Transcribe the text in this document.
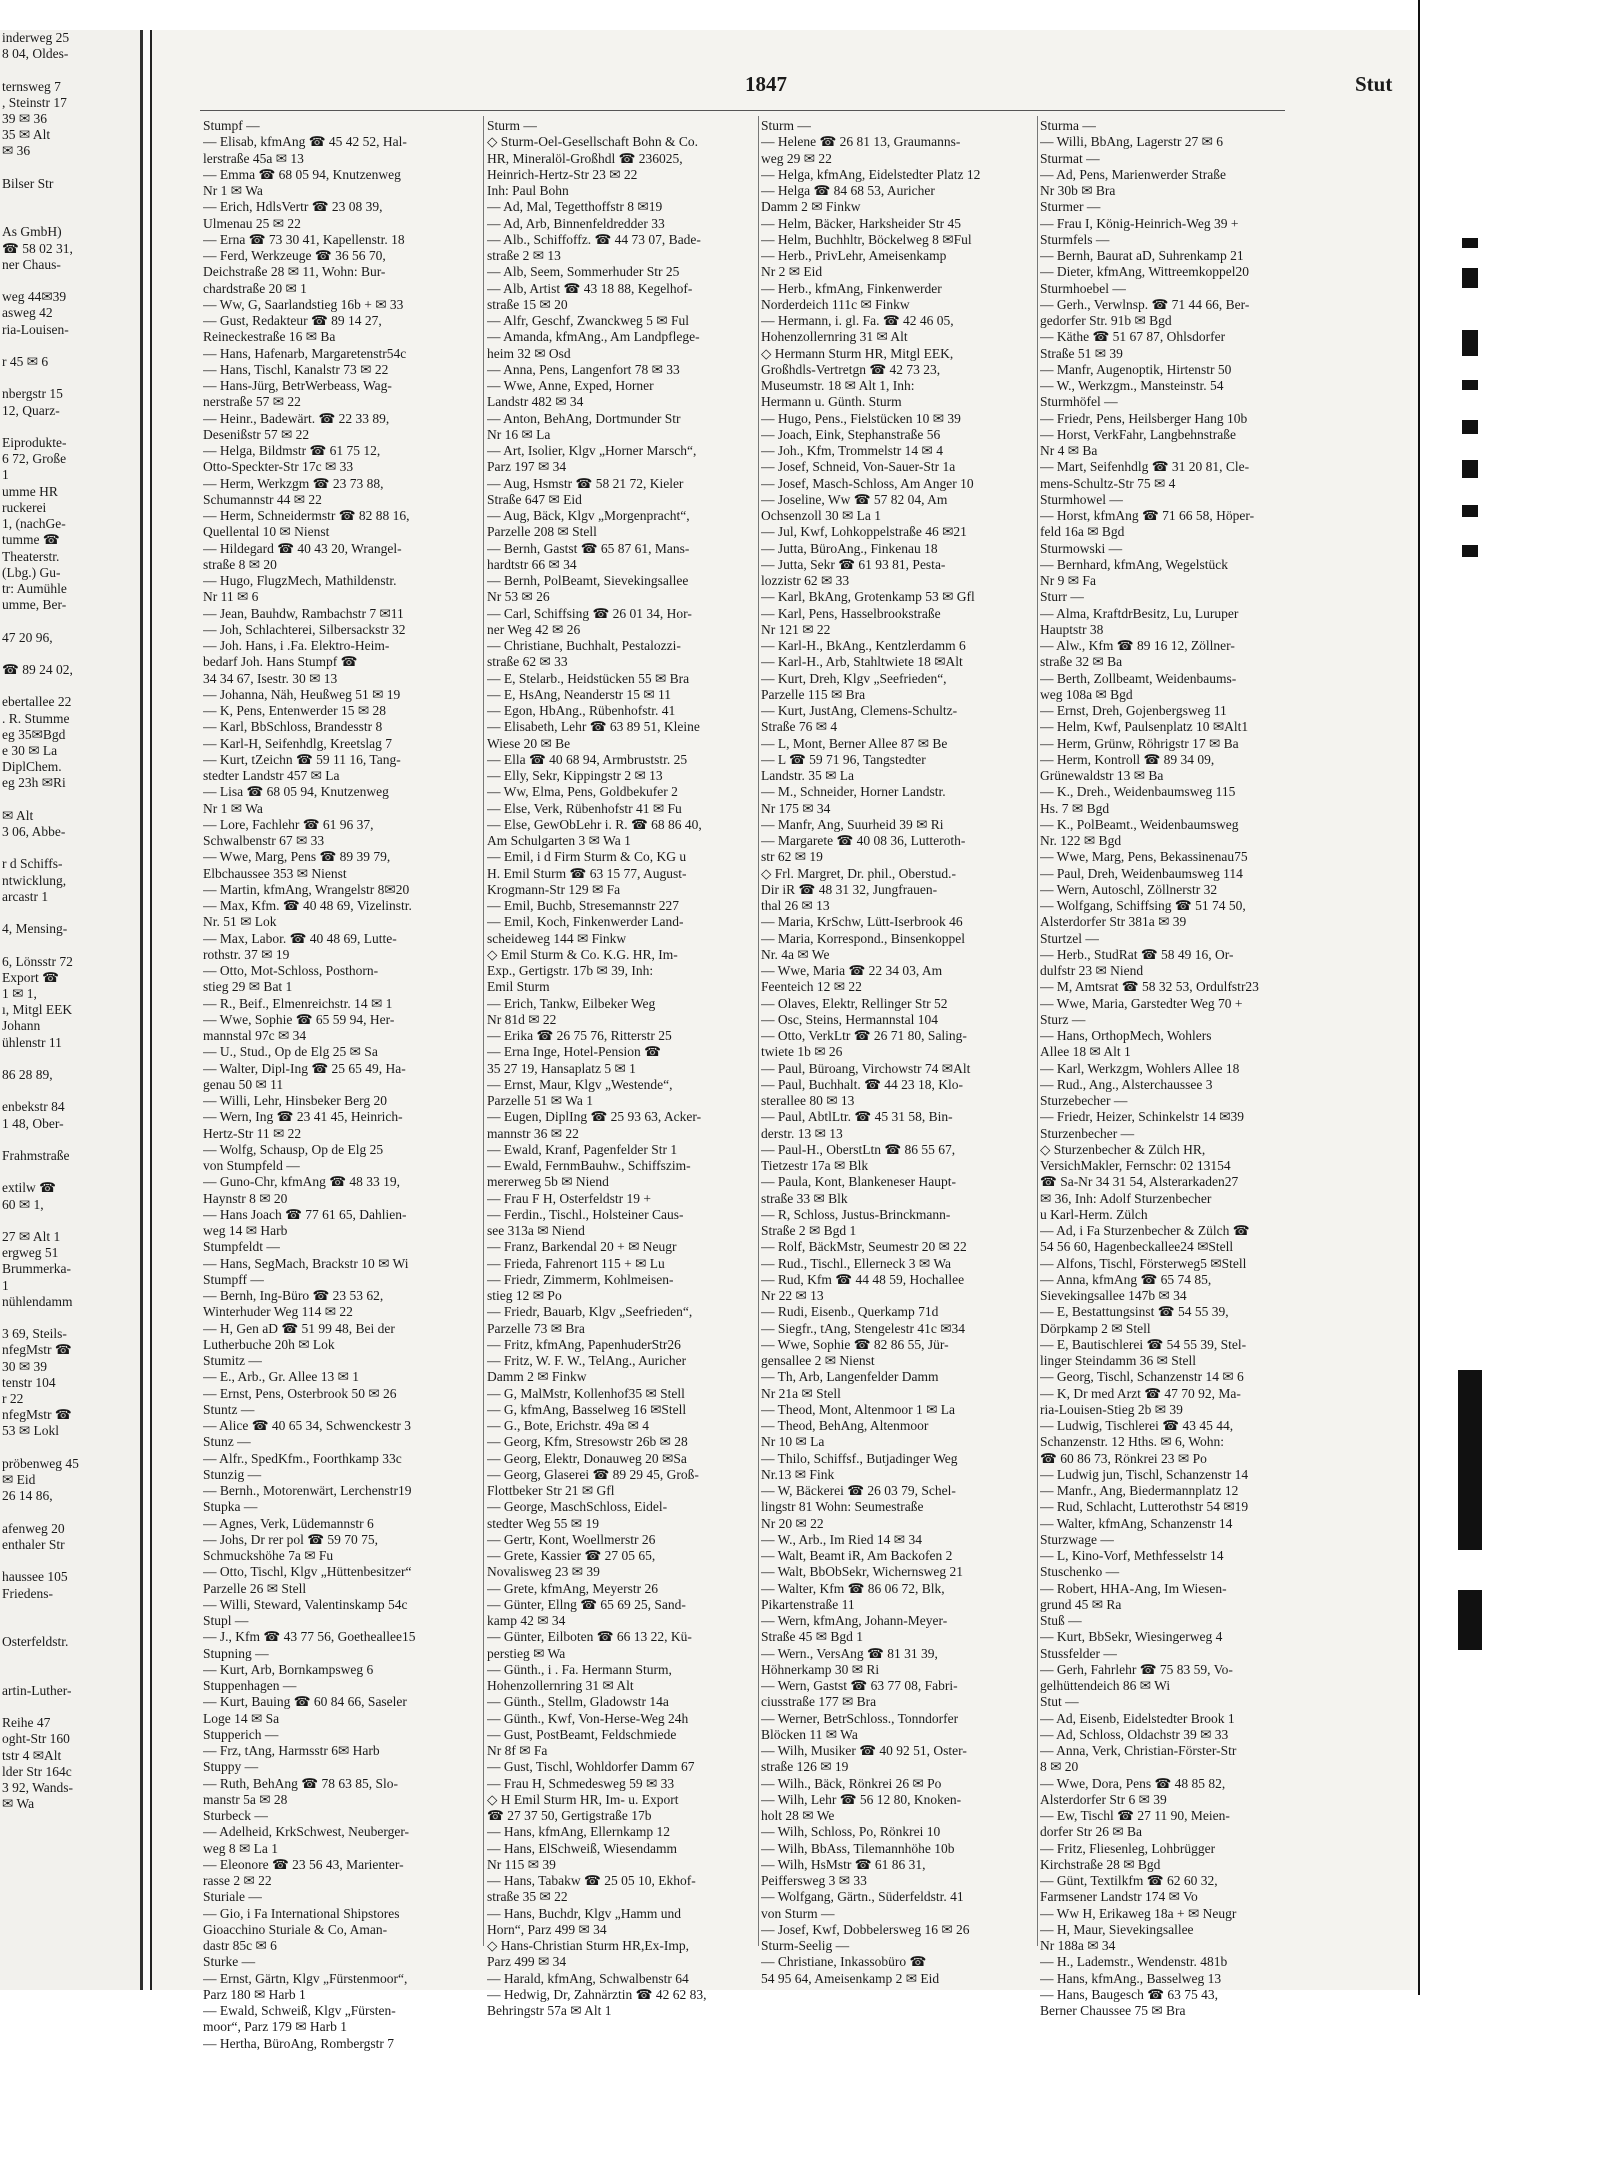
inderweg 25
8 04, Oldes-

ternsweg 7
, Steinstr 17
39 ✉ 36
35 ✉ Alt
✉ 36

Bilser Str

As GmbH)
☎ 58 02 31,
ner Chaus-

weg 44✉39
asweg 42
ria-Louisen-

r 45 ✉ 6

nbergstr 15
12, Quarz-

Eiprodukte-
6 72, Große
1
umme HR
ruckerei
1, (nachGe-
tumme ☎
Theaterstr.
(Lbg.) Gu-
tr: Aumühle
umme, Ber-

47 20 96,

☎ 89 24 02,

ebertallee 22
. R. Stumme
eg 35✉Bgd
e 30 ✉ La
DiplChem.
eg 23h ✉Ri

✉ Alt
3 06, Abbe-

r d Schiffs-
ntwicklung,
arcastr 1

4, Mensing-

6, Lönsstr 72
Export ☎
1 ✉ 1,
ı, Mitgl EEK
Johann
ühlenstr 11

86 28 89,

enbekstr 84
1 48, Ober-

Frahmstraße

extilw ☎
60 ✉ 1,

27 ✉ Alt 1
ergweg 51
Brummerka-
1
nühlendamm

3 69, Steils-
nfegMstr ☎
30 ✉ 39
tenstr 104
r 22
nfegMstr ☎
53 ✉ Lokl

pröbenweg 45
✉ Eid
26 14 86,

afenweg 20
enthaler Str

haussee 105
Friedens-

Osterfeldstr.

artin-Luther-

Reihe 47
oght-Str 160
tstr 4 ✉Alt
lder Str 164c
3 92, Wands-
✉ Wa
1847	Stut
Stumpf —
— Elisab, kfmAng ☎ 45 42 52, Hal-
lerstraße 45a ✉ 13
— Emma ☎ 68 05 94, Knutzenweg
Nr 1 ✉ Wa
— Erich, HdlsVertr ☎ 23 08 39,
Ulmenau 25 ✉ 22
— Erna ☎ 73 30 41, Kapellenstr. 18
— Ferd, Werkzeuge ☎ 36 56 70,
Deichstraße 28 ✉ 11, Wohn: Bur-
chardstraße 20 ✉ 1
— Ww, G, Saarlandstieg 16b + ✉ 33
— Gust, Redakteur ☎ 89 14 27,
Reineckestraße 16 ✉ Ba
— Hans, Hafenarb, Margaretenstr54c
— Hans, Tischl, Kanalstr 73 ✉ 22
— Hans-Jürg, BetrWerbeass, Wag-
nerstraße 57 ✉ 22
— Heinr., Badewärt. ☎ 22 33 89,
Desenißstr 57 ✉ 22
— Helga, Bildmstr ☎ 61 75 12,
Otto-Speckter-Str 17c ✉ 33
— Herm, Werkzgm ☎ 23 73 88,
Schumannstr 44 ✉ 22
— Herm, Schneidermstr ☎ 82 88 16,
Quellental 10 ✉ Nienst
— Hildegard ☎ 40 43 20, Wrangel-
straße 8 ✉ 20
— Hugo, FlugzMech, Mathildenstr.
Nr 11 ✉ 6
— Jean, Bauhdw, Rambachstr 7 ✉11
— Joh, Schlachterei, Silbersackstr 32
— Joh. Hans, i .Fa. Elektro-Heim-
bedarf Joh. Hans Stumpf ☎
34 34 67, Isestr. 30 ✉ 13
— Johanna, Näh, Heußweg 51 ✉ 19
— K, Pens, Entenwerder 15 ✉ 28
— Karl, BbSchloss, Brandesstr 8
— Karl-H, Seifenhdlg, Kreetslag 7
— Kurt, tZeichn ☎ 59 11 16, Tang-
stedter Landstr 457 ✉ La
— Lisa ☎ 68 05 94, Knutzenweg
Nr 1 ✉ Wa
— Lore, Fachlehr ☎ 61 96 37,
Schwalbenstr 67 ✉ 33
— Wwe, Marg, Pens ☎ 89 39 79,
Elbchaussee 353 ✉ Nienst
— Martin, kfmAng, Wrangelstr 8✉20
— Max, Kfm. ☎ 40 48 69, Vizelinstr.
Nr. 51 ✉ Lok
— Max, Labor. ☎ 40 48 69, Lutte-
rothstr. 37 ✉ 19
— Otto, Mot-Schloss, Posthorn-
stieg 29 ✉ Bat 1
— R., Beif., Elmenreichstr. 14 ✉ 1
— Wwe, Sophie ☎ 65 59 94, Her-
mannstal 97c ✉ 34
— U., Stud., Op de Elg 25 ✉ Sa
— Walter, Dipl-Ing ☎ 25 65 49, Ha-
genau 50 ✉ 11
— Willi, Lehr, Hinsbeker Berg 20
— Wern, Ing ☎ 23 41 45, Heinrich-
Hertz-Str 11 ✉ 22
— Wolfg, Schausp, Op de Elg 25
von Stumpfeld —
— Guno-Chr, kfmAng ☎ 48 33 19,
Haynstr 8 ✉ 20
— Hans Joach ☎ 77 61 65, Dahlien-
weg 14 ✉ Harb
Stumpfeldt —
— Hans, SegMach, Brackstr 10 ✉ Wi
Stumpff —
— Bernh, Ing-Büro ☎ 23 53 62,
Winterhuder Weg 114 ✉ 22
— H, Gen aD ☎ 51 99 48, Bei der
Lutherbuche 20h ✉ Lok
Stumitz —
— E., Arb., Gr. Allee 13 ✉ 1
— Ernst, Pens, Osterbrook 50 ✉ 26
Stuntz —
— Alice ☎ 40 65 34, Schwenckestr 3
Stunz —
— Alfr., SpedKfm., Foorthkamp 33c
Stunzig —
— Bernh., Motorenwärt, Lerchenstr19
Stupka —
— Agnes, Verk, Lüdemannstr 6
— Johs, Dr rer pol ☎ 59 70 75,
Schmuckshöhe 7a ✉ Fu
— Otto, Tischl, Klgv „Hüttenbesitzer“
Parzelle 26 ✉ Stell
— Willi, Steward, Valentinskamp 54c
Stupl —
— J., Kfm ☎ 43 77 56, Goetheallee15
Stupning —
— Kurt, Arb, Bornkampsweg 6
Stuppenhagen —
— Kurt, Bauing ☎ 60 84 66, Saseler
Loge 14 ✉ Sa
Stupperich —
— Frz, tAng, Harmsstr 6✉ Harb
Stuppy —
— Ruth, BehAng ☎ 78 63 85, Slo-
manstr 5a ✉ 28
Sturbeck —
— Adelheid, KrkSchwest, Neuberger-
weg 8 ✉ La 1
— Eleonore ☎ 23 56 43, Marienter-
rasse 2 ✉ 22
Sturiale —
— Gio, i Fa International Shipstores
Gioacchino Sturiale & Co, Aman-
dastr 85c ✉ 6
Sturke —
— Ernst, Gärtn, Klgv „Fürstenmoor“,
Parz 180 ✉ Harb 1
— Ewald, Schweiß, Klgv „Fürsten-
moor“, Parz 179 ✉ Harb 1
— Hertha, BüroAng, Rombergstr 7
Sturm —
◇ Sturm-Oel-Gesellschaft Bohn & Co.
HR, Mineralöl-Großhdl ☎ 236025,
Heinrich-Hertz-Str 23 ✉ 22
Inh: Paul Bohn
— Ad, Mal, Tegetthoffstr 8 ✉19
— Ad, Arb, Binnenfeldredder 33
— Alb., Schiffoffz. ☎ 44 73 07, Bade-
straße 2 ✉ 13
— Alb, Seem, Sommerhuder Str 25
— Alb, Artist ☎ 43 18 88, Kegelhof-
straße 15 ✉ 20
— Alfr, Geschf, Zwanckweg 5 ✉ Ful
— Amanda, kfmAng., Am Landpflege-
heim 32 ✉ Osd
— Anna, Pens, Langenfort 78 ✉ 33
— Wwe, Anne, Exped, Horner
Landstr 482 ✉ 34
— Anton, BehAng, Dortmunder Str
Nr 16 ✉ La
— Art, Isolier, Klgv „Horner Marsch“,
Parz 197 ✉ 34
— Aug, Hsmstr ☎ 58 21 72, Kieler
Straße 647 ✉ Eid
— Aug, Bäck, Klgv „Morgenpracht“,
Parzelle 208 ✉ Stell
— Bernh, Gastst ☎ 65 87 61, Mans-
hardtstr 66 ✉ 34
— Bernh, PolBeamt, Sievekingsallee
Nr 53 ✉ 26
— Carl, Schiffsing ☎ 26 01 34, Hor-
ner Weg 42 ✉ 26
— Christiane, Buchhalt, Pestalozzi-
straße 62 ✉ 33
— E, Stelarb., Heidstücken 55 ✉ Bra
— E, HsAng, Neanderstr 15 ✉ 11
— Egon, HbAng., Rübenhofstr. 41
— Elisabeth, Lehr ☎ 63 89 51, Kleine
Wiese 20 ✉ Be
— Ella ☎ 40 68 94, Armbruststr. 25
— Elly, Sekr, Kippingstr 2 ✉ 13
— Ww, Elma, Pens, Goldbekufer 2
— Else, Verk, Rübenhofstr 41 ✉ Fu
— Else, GewObLehr i. R. ☎ 68 86 40,
Am Schulgarten 3 ✉ Wa 1
— Emil, i d Firm Sturm & Co, KG u
H. Emil Sturm ☎ 63 15 77, August-
Krogmann-Str 129 ✉ Fa
— Emil, Buchb, Stresemannstr 227
— Emil, Koch, Finkenwerder Land-
scheideweg 144 ✉ Finkw
◇ Emil Sturm & Co. K.G. HR, Im-
Exp., Gertigstr. 17b ✉ 39, Inh:
Emil Sturm
— Erich, Tankw, Eilbeker Weg
Nr 81d ✉ 22
— Erika ☎ 26 75 76, Ritterstr 25
— Erna Inge, Hotel-Pension ☎
35 27 19, Hansaplatz 5 ✉ 1
— Ernst, Maur, Klgv „Westende“,
Parzelle 51 ✉ Wa 1
— Eugen, DiplIng ☎ 25 93 63, Acker-
mannstr 36 ✉ 22
— Ewald, Kranf, Pagenfelder Str 1
— Ewald, FernmBauhw., Schiffszim-
mererweg 5b ✉ Niend
— Frau F H, Osterfeldstr 19 +
— Ferdin., Tischl., Holsteiner Caus-
see 313a ✉ Niend
— Franz, Barkendal 20 + ✉ Neugr
— Frieda, Fahrenort 115 + ✉ Lu
— Friedr, Zimmerm, Kohlmeisen-
stieg 12 ✉ Po
— Friedr, Bauarb, Klgv „Seefrieden“,
Parzelle 73 ✉ Bra
— Fritz, kfmAng, PapenhuderStr26
— Fritz, W. F. W., TelAng., Auricher
Damm 2 ✉ Finkw
— G, MalMstr, Kollenhof35 ✉ Stell
— G, kfmAng, Basselweg 16 ✉Stell
— G., Bote, Erichstr. 49a ✉ 4
— Georg, Kfm, Stresowstr 26b ✉ 28
— Georg, Elektr, Donauweg 20 ✉Sa
— Georg, Glaserei ☎ 89 29 45, Groß-
Flottbeker Str 21 ✉ Gfl
— George, MaschSchloss, Eidel-
stedter Weg 55 ✉ 19
— Gertr, Kont, Woellmerstr 26
— Grete, Kassier ☎ 27 05 65,
Novalisweg 23 ✉ 39
— Grete, kfmAng, Meyerstr 26
— Günter, Ellng ☎ 65 69 25, Sand-
kamp 42 ✉ 34
— Günter, Eilboten ☎ 66 13 22, Kü-
perstieg ✉ Wa
— Günth., i . Fa. Hermann Sturm,
Hohenzollernring 31 ✉ Alt
— Günth., Stellm, Gladowstr 14a
— Günth., Kwf, Von-Herse-Weg 24h
— Gust, PostBeamt, Feldschmiede
Nr 8f ✉ Fa
— Gust, Tischl, Wohldorfer Damm 67
— Frau H, Schmedesweg 59 ✉ 33
◇ H Emil Sturm HR, Im- u. Export
☎ 27 37 50, Gertigstraße 17b
— Hans, kfmAng, Ellernkamp 12
— Hans, ElSchweiß, Wiesendamm
Nr 115 ✉ 39
— Hans, Tabakw ☎ 25 05 10, Ekhof-
straße 35 ✉ 22
— Hans, Buchdr, Klgv „Hamm und
Horn“, Parz 499 ✉ 34
◇ Hans-Christian Sturm HR,Ex-Imp,
Parz 499 ✉ 34
— Harald, kfmAng, Schwalbenstr 64
— Hedwig, Dr, Zahnärztin ☎ 42 62 83,
Behringstr 57a ✉ Alt 1
Sturm —
— Helene ☎ 26 81 13, Graumanns-
weg 29 ✉ 22
— Helga, kfmAng, Eidelstedter Platz 12
— Helga ☎ 84 68 53, Auricher
Damm 2 ✉ Finkw
— Helm, Bäcker, Harksheider Str 45
— Helm, Buchhltr, Böckelweg 8 ✉Ful
— Herb., PrivLehr, Ameisenkamp
Nr 2 ✉ Eid
— Herb., kfmAng, Finkenwerder
Norderdeich 111c ✉ Finkw
— Hermann, i. gl. Fa. ☎ 42 46 05,
Hohenzollernring 31 ✉ Alt
◇ Hermann Sturm HR, Mitgl EEK,
Großhdls-Vertretgn ☎ 42 73 23,
Museumstr. 18 ✉ Alt 1, Inh:
Hermann u. Günth. Sturm
— Hugo, Pens., Fielstücken 10 ✉ 39
— Joach, Eink, Stephanstraße 56
— Joh., Kfm, Trommelstr 14 ✉ 4
— Josef, Schneid, Von-Sauer-Str 1a
— Josef, Masch-Schloss, Am Anger 10
— Joseline, Ww ☎ 57 82 04, Am
Ochsenzoll 30 ✉ La 1
— Jul, Kwf, Lohkoppelstraße 46 ✉21
— Jutta, BüroAng., Finkenau 18
— Jutta, Sekr ☎ 61 93 81, Pesta-
lozzistr 62 ✉ 33
— Karl, BkAng, Grotenkamp 53 ✉ Gfl
— Karl, Pens, Hasselbrookstraße
Nr 121 ✉ 22
— Karl-H., BkAng., Kentzlerdamm 6
— Karl-H., Arb, Stahltwiete 18 ✉Alt
— Kurt, Dreh, Klgv „Seefrieden“,
Parzelle 115 ✉ Bra
— Kurt, JustAng, Clemens-Schultz-
Straße 76 ✉ 4
— L, Mont, Berner Allee 87 ✉ Be
— L ☎ 59 71 96, Tangstedter
Landstr. 35 ✉ La
— M., Schneider, Horner Landstr.
Nr 175 ✉ 34
— Manfr, Ang, Suurheid 39 ✉ Ri
— Margarete ☎ 40 08 36, Lutteroth-
str 62 ✉ 19
◇ Frl. Margret, Dr. phil., Oberstud.-
Dir iR ☎ 48 31 32, Jungfrauen-
thal 26 ✉ 13
— Maria, KrSchw, Lütt-Iserbrook 46
— Maria, Korrespond., Binsenkoppel
Nr. 4a ✉ We
— Wwe, Maria ☎ 22 34 03, Am
Feenteich 12 ✉ 22
— Olaves, Elektr, Rellinger Str 52
— Osc, Steins, Hermannstal 104
— Otto, VerkLtr ☎ 26 71 80, Saling-
twiete 1b ✉ 26
— Paul, Büroang, Virchowstr 74 ✉Alt
— Paul, Buchhalt. ☎ 44 23 18, Klo-
sterallee 80 ✉ 13
— Paul, AbtlLtr. ☎ 45 31 58, Bin-
derstr. 13 ✉ 13
— Paul-H., OberstLtn ☎ 86 55 67,
Tietzestr 17a ✉ Blk
— Paula, Kont, Blankeneser Haupt-
straße 33 ✉ Blk
— R, Schloss, Justus-Brinckmann-
Straße 2 ✉ Bgd 1
— Rolf, BäckMstr, Seumestr 20 ✉ 22
— Rud., Tischl., Ellerneck 3 ✉ Wa
— Rud, Kfm ☎ 44 48 59, Hochallee
Nr 22 ✉ 13
— Rudi, Eisenb., Querkamp 71d
— Siegfr., tAng, Stengelestr 41c ✉34
— Wwe, Sophie ☎ 82 86 55, Jür-
gensallee 2 ✉ Nienst
— Th, Arb, Langenfelder Damm
Nr 21a ✉ Stell
— Theod, Mont, Altenmoor 1 ✉ La
— Theod, BehAng, Altenmoor
Nr 10 ✉ La
— Thilo, Schiffsf., Butjadinger Weg
Nr.13 ✉ Fink
— W, Bäckerei ☎ 26 03 79, Schel-
lingstr 81 Wohn: Seumestraße
Nr 20 ✉ 22
— W., Arb., Im Ried 14 ✉ 34
— Walt, Beamt iR, Am Backofen 2
— Walt, BbObSekr, Wichernsweg 21
— Walter, Kfm ☎ 86 06 72, Blk,
Pikartenstraße 11
— Wern, kfmAng, Johann-Meyer-
Straße 45 ✉ Bgd 1
— Wern., VersAng ☎ 81 31 39,
Höhnerkamp 30 ✉ Ri
— Wern, Gastst ☎ 63 77 08, Fabri-
ciusstraße 177 ✉ Bra
— Werner, BetrSchloss., Tonndorfer
Blöcken 11 ✉ Wa
— Wilh, Musiker ☎ 40 92 51, Oster-
straße 126 ✉ 19
— Wilh., Bäck, Rönkrei 26 ✉ Po
— Wilh, Lehr ☎ 56 12 80, Knoken-
holt 28 ✉ We
— Wilh, Schloss, Po, Rönkrei 10
— Wilh, BbAss, Tilemannhöhe 10b
— Wilh, HsMstr ☎ 61 86 31,
Peiffersweg 3 ✉ 33
— Wolfgang, Gärtn., Süderfeldstr. 41
von Sturm —
— Josef, Kwf, Dobbelersweg 16 ✉ 26
Sturm-Seelig —
— Christiane, Inkassobüro ☎
54 95 64, Ameisenkamp 2 ✉ Eid
Sturma —
— Willi, BbAng, Lagerstr 27 ✉ 6
Sturmat —
— Ad, Pens, Marienwerder Straße
Nr 30b ✉ Bra
Sturmer —
— Frau I, König-Heinrich-Weg 39 +
Sturmfels —
— Bernh, Baurat aD, Suhrenkamp 21
— Dieter, kfmAng, Wittreemkoppel20
Sturmhoebel —
— Gerh., Verwlnsp. ☎ 71 44 66, Ber-
gedorfer Str. 91b ✉ Bgd
— Käthe ☎ 51 67 87, Ohlsdorfer
Straße 51 ✉ 39
— Manfr, Augenoptik, Hirtenstr 50
— W., Werkzgm., Mansteinstr. 54
Sturmhöfel —
— Friedr, Pens, Heilsberger Hang 10b
— Horst, VerkFahr, Langbehnstraße
Nr 4 ✉ Ba
— Mart, Seifenhdlg ☎ 31 20 81, Cle-
mens-Schultz-Str 75 ✉ 4
Sturmhowel —
— Horst, kfmAng ☎ 71 66 58, Höper-
feld 16a ✉ Bgd
Sturmowski —
— Bernhard, kfmAng, Wegelstück
Nr 9 ✉ Fa
Sturr —
— Alma, KraftdrBesitz, Lu, Luruper
Hauptstr 38
— Alw., Kfm ☎ 89 16 12, Zöllner-
straße 32 ✉ Ba
— Berth, Zollbeamt, Weidenbaums-
weg 108a ✉ Bgd
— Ernst, Dreh, Gojenbergsweg 11
— Helm, Kwf, Paulsenplatz 10 ✉Alt1
— Herm, Grünw, Röhrigstr 17 ✉ Ba
— Herm, Kontroll ☎ 89 34 09,
Grünewaldstr 13 ✉ Ba
— K., Dreh., Weidenbaumsweg 115
Hs. 7 ✉ Bgd
— K., PolBeamt., Weidenbaumsweg
Nr. 122 ✉ Bgd
— Wwe, Marg, Pens, Bekassinenau75
— Paul, Dreh, Weidenbaumsweg 114
— Wern, Autoschl, Zöllnerstr 32
— Wolfgang, Schiffsing ☎ 51 74 50,
Alsterdorfer Str 381a ✉ 39
Sturtzel —
— Herb., StudRat ☎ 58 49 16, Or-
dulfstr 23 ✉ Niend
— M, Amtsrat ☎ 58 32 53, Ordulfstr23
— Wwe, Maria, Garstedter Weg 70 +
Sturz —
— Hans, OrthopMech, Wohlers
Allee 18 ✉ Alt 1
— Karl, Werkzgm, Wohlers Allee 18
— Rud., Ang., Alsterchaussee 3
Sturzebecher —
— Friedr, Heizer, Schinkelstr 14 ✉39
Sturzenbecher —
◇ Sturzenbecher & Zülch HR,
VersichMakler, Fernschr: 02 13154
☎ Sa-Nr 34 31 54, Alsterarkaden27
✉ 36, Inh: Adolf Sturzenbecher
u Karl-Herm. Zülch
— Ad, i Fa Sturzenbecher & Zülch ☎
54 56 60, Hagenbeckallee24 ✉Stell
— Alfons, Tischl, Försterweg5 ✉Stell
— Anna, kfmAng ☎ 65 74 85,
Sievekingsallee 147b ✉ 34
— E, Bestattungsinst ☎ 54 55 39,
Dörpkamp 2 ✉ Stell
— E, Bautischlerei ☎ 54 55 39, Stel-
linger Steindamm 36 ✉ Stell
— Georg, Tischl, Schanzenstr 14 ✉ 6
— K, Dr med Arzt ☎ 47 70 92, Ma-
ria-Louisen-Stieg 2b ✉ 39
— Ludwig, Tischlerei ☎ 43 45 44,
Schanzenstr. 12 Hths. ✉ 6, Wohn:
☎ 60 86 73, Rönkrei 23 ✉ Po
— Ludwig jun, Tischl, Schanzenstr 14
— Manfr., Ang, Biedermannplatz 12
— Rud, Schlacht, Lutterothstr 54 ✉19
— Walter, kfmAng, Schanzenstr 14
Sturzwage —
— L, Kino-Vorf, Methfesselstr 14
Stuschenko —
— Robert, HHA-Ang, Im Wiesen-
grund 45 ✉ Ra
Stuß —
— Kurt, BbSekr, Wiesingerweg 4
Stussfelder —
— Gerh, Fahrlehr ☎ 75 83 59, Vo-
gelhüttendeich 86 ✉ Wi
Stut —
— Ad, Eisenb, Eidelstedter Brook 1
— Ad, Schloss, Oldachstr 39 ✉ 33
— Anna, Verk, Christian-Förster-Str
8 ✉ 20
— Wwe, Dora, Pens ☎ 48 85 82,
Alsterdorfer Str 6 ✉ 39
— Ew, Tischl ☎ 27 11 90, Meien-
dorfer Str 26 ✉ Ba
— Fritz, Fliesenleg, Lohbrügger
Kirchstraße 28 ✉ Bgd
— Günt, Textilkfm ☎ 62 60 32,
Farmsener Landstr 174 ✉ Vo
— Ww H, Erikaweg 18a + ✉ Neugr
— H, Maur, Sievekingsallee
Nr 188a ✉ 34
— H., Lademstr., Wendenstr. 481b
— Hans, kfmAng., Basselweg 13
— Hans, Baugesch ☎ 63 75 43,
Berner Chaussee 75 ✉ Bra
